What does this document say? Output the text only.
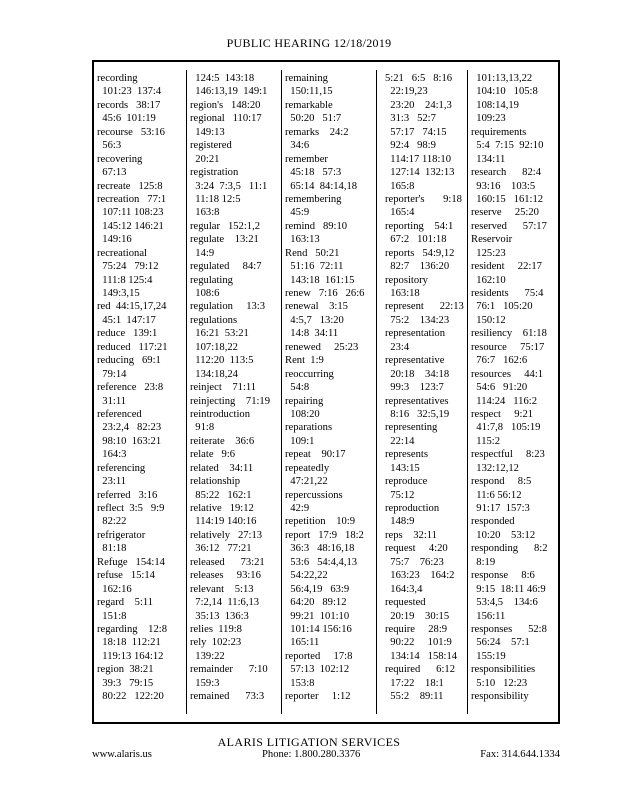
PUBLIC HEARING 12/18/2019
recording
101:23  137:4
records   38:17
45:6  101:19
recourse   53:16
56:3
recovering
67:13
recreate   125:8
recreation   77:1
107:11 108:23
145:12 146:21
149:16
recreational
75:24   79:12
111:8 125:4
149:3,15
red  44:15,17,24
45:1  147:17
reduce   139:1
reduced   117:21
reducing   69:1
79:14
reference   23:8
31:11
referenced
23:2,4   82:23
98:10  163:21
164:3
referencing
23:11
referred   3:16
reflect  3:5   9:9
82:22
refrigerator
81:18
Refuge   154:14
refuse   15:14
162:16
regard    5:11
151:8
regarding    12:8
18:18  112:21
119:13 164:12
region  38:21
39:3   79:15
80:22   122:20
124:5  143:18
146:13,19  149:1
region's   148:20
regional   110:17
149:13
registered
20:21
registration
3:24  7:3,5   11:1
11:18 12:5
163:8
regular   152:1,2
regulate    13:21
14:9
regulated     84:7
regulating
108:6
regulation     13:3
regulations
16:21  53:21
107:18,22
112:20  113:5
134:18,24
reinject    71:11
reinjecting    71:19
reintroduction
91:8
reiterate    36:6
relate   9:6
related    34:11
relationship
85:22   162:1
relative   19:12
114:19 140:16
relatively   27:13
36:12   77:21
released      73:21
releases     93:16
relevant    5:13
7:2,14  11:6,13
35:13  136:3
relies  119:8
rely  102:23
139:22
remainder      7:10
159:3
remained      73:3
remaining
150:11,15
remarkable
50:20   51:7
remarks    24:2
34:6
remember
45:18   57:3
65:14  84:14,18
remembering
45:9
remind   89:10
163:13
Rend   50:21
51:16  72:11
143:18  161:15
renew   7:16   26:6
renewal    3:15
4:5,7   13:20
14:8  34:11
renewed     25:23
Rent  1:9
reoccurring
54:8
repairing
108:20
reparations
109:1
repeat    90:17
repeatedly
47:21,22
repercussions
42:9
repetition    10:9
report   17:9   18:2
36:3   48:16,18
53:6   54:4,4,13
54:22,22
56:4,19   63:9
64:20   89:12
99:21  101:10
101:14 156:16
165:11
reported     17:8
57:13  102:12
153:8
reporter     1:12
5:21   6:5   8:16
22:19,23
23:20    24:1,3
31:3   52:7
57:17   74:15
92:4   98:9
114:17 118:10
127:14  132:13
165:8
reporter's       9:18
165:4
reporting    54:1
67:2   101:18
reports   54:9,12
82:7    136:20
repository
163:18
represent      22:13
75:2    134:23
representation
23:4
representative
20:18    34:18
99:3    123:7
representatives
8:16   32:5,19
representing
22:14
represents
143:15
reproduce
75:12
reproduction
148:9
reps    32:11
request     4:20
75:7    76:23
163:23    164:2
164:3,4
requested
20:19    30:15
require     28:9
90:22     101:9
134:14   158:14
required      6:12
17:22    18:1
55:2    89:11
101:13,13,22
104:10   105:8
108:14,19
109:23
requirements
5:4  7:15  92:10
134:11
research      82:4
93:16    103:5
160:15   161:12
reserve     25:20
reserved      57:17
Reservoir
125:23
resident     22:17
162:10
residents      75:4
76:1   105:20
150:12
resiliency    61:18
resource     75:17
76:7   162:6
resources     44:1
54:6   91:20
114:24   116:2
respect     9:21
41:7,8   105:19
115:2
respectful     8:23
132:12,12
respond     8:5
11:6 56:12
91:17  157:3
responded
10:20    53:12
responding      8:2
8:19
response     8:6
9:15  18:11 46:9
53:4,5    134:6
156:11
responses      52:8
56:24    57:1
155:19
responsibilities
5:10   12:23
responsibility
ALARIS LITIGATION SERVICES
www.alaris.us	Phone: 1.800.280.3376	Fax: 314.644.1334
